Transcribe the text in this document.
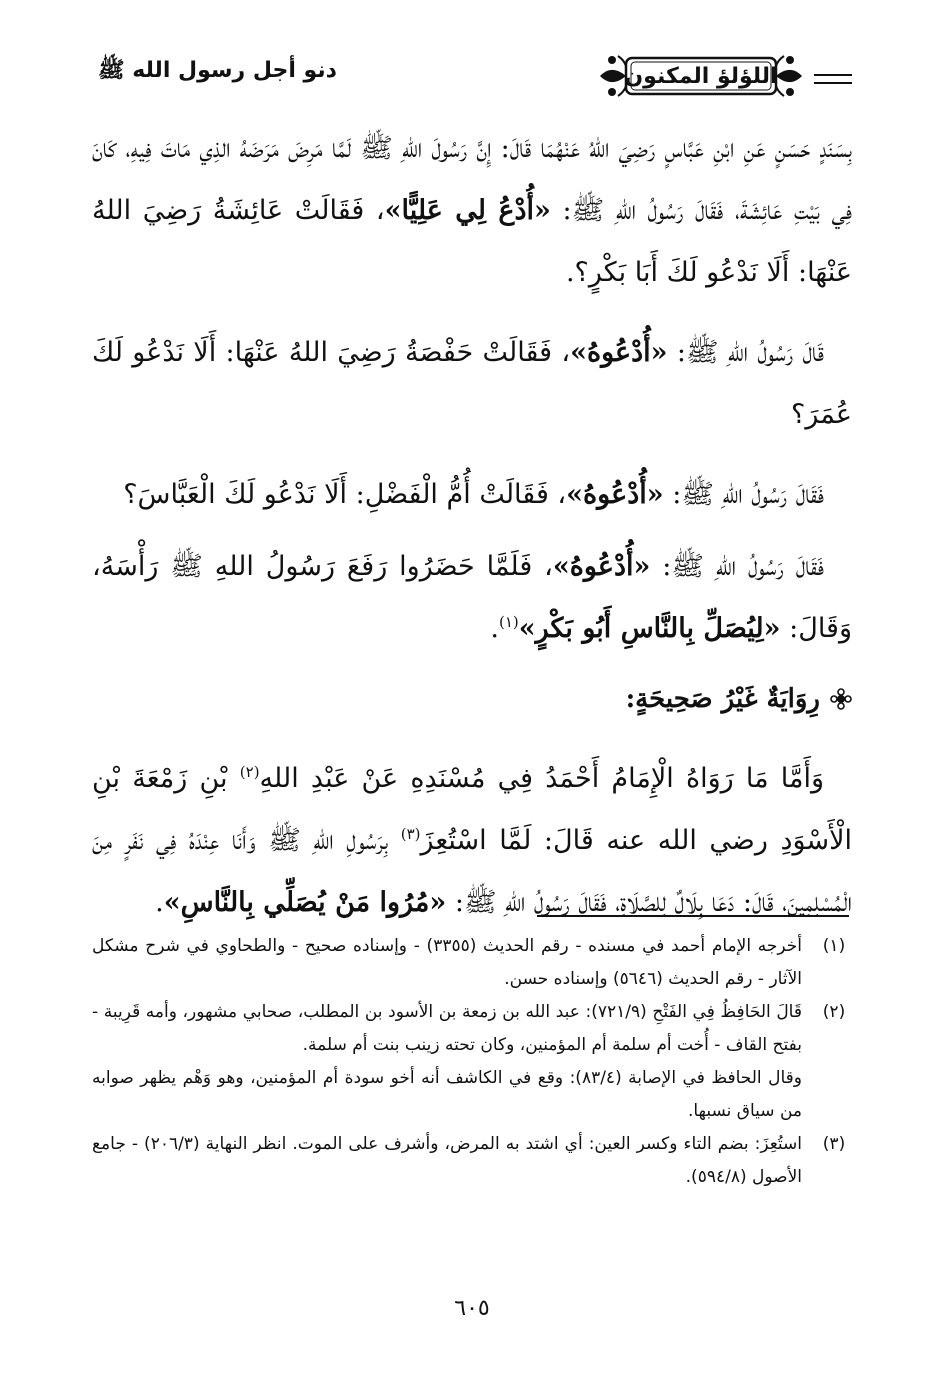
دنو أجل رسول الله ﷺ	اللؤلؤ المكنون

بِسَنَدٍ حَسَنٍ عَنِ ابْنِ عَبَّاسٍ رَضِيَ اللهُ عَنْهُمَا قَالَ: إِنَّ رَسُولَ اللهِ ﷺ لَمَّا مَرِضَ مَرَضَهُ الذِي مَاتَ فِيهِ، كَانَ فِي بَيْتِ عَائِشَةَ، فَقَالَ رَسُولُ اللهِ ﷺ: «أُدْعُ لِي عَلِيًّا»، فَقَالَتْ عَائِشَةُ رَضِيَ اللهُ عَنْهَا: أَلَا نَدْعُو لَكَ أَبَا بَكْرٍ؟.

قَالَ رَسُولُ اللهِ ﷺ: «أُدْعُوهُ»، فَقَالَتْ حَفْصَةُ رَضِيَ اللهُ عَنْهَا: أَلَا نَدْعُو لَكَ عُمَرَ؟

فَقَالَ رَسُولُ اللهِ ﷺ: «أُدْعُوهُ»، فَقَالَتْ أُمُّ الْفَضْلِ: أَلَا نَدْعُو لَكَ الْعَبَّاسَ؟

فَقَالَ رَسُولُ اللهِ ﷺ: «أُدْعُوهُ»، فَلَمَّا حَضَرُوا رَفَعَ رَسُولُ اللهِ ﷺ رَأْسَهُ، وَقَالَ: «لِيُصَلِّ بِالنَّاسِ أَبُو بَكْرٍ»$^{(١)}$.

رِوَايَةٌ غَيْرُ صَحِيحَةٍ:

وَأَمَّا مَا رَوَاهُ الْإِمَامُ أَحْمَدُ فِي مُسْنَدِهِ عَنْ عَبْدِ اللهِ$^{(٢)}$ بْنِ زَمْعَةَ بْنِ الْأَسْوَدِ رضي الله عنه قَالَ: لَمَّا اسْتُعِزَ$^{(٣)}$ بِرَسُولِ اللهِ ﷺ وَأَنَا عِنْدَهُ فِي نَفَرٍ مِنَ الْمُسْلِمِينَ، قَالَ: دَعَا بِلَالٌ لِلصَّلَاةِ، فَقَالَ رَسُولُ اللهِ ﷺ: «مُرُوا مَنْ يُصَلِّي بِالنَّاسِ».

(١)

أخرجه الإمام أحمد في مسنده - رقم الحديث (٣٣٥٥) - وإسناده صحيح - والطحاوي في شرح مشكل الآثار - رقم الحديث (٥٦٤٦) وإسناده حسن.

(٢)

قَالَ الحَافِظُ فِي الفَتْحِ (٧٢١/٩): عبد الله بن زمعة بن الأسود بن المطلب، صحابي مشهور، وأمه قَرِيبة - بفتح القاف - أُخت أم سلمة أم المؤمنين، وكان تحته زينب بنت أم سلمة.

وقال الحافظ في الإصابة (٨٣/٤): وقع في الكاشف أنه أخو سودة أم المؤمنين، وهو وَهْم يظهر صوابه من سياق نسبها.

(٣)

استُعِزَ: بضم التاء وكسر العين: أي اشتد به المرض، وأشرف على الموت. انظر النهاية (٢٠٦/٣) - جامع الأصول (٥٩٤/٨).

٦٠٥
